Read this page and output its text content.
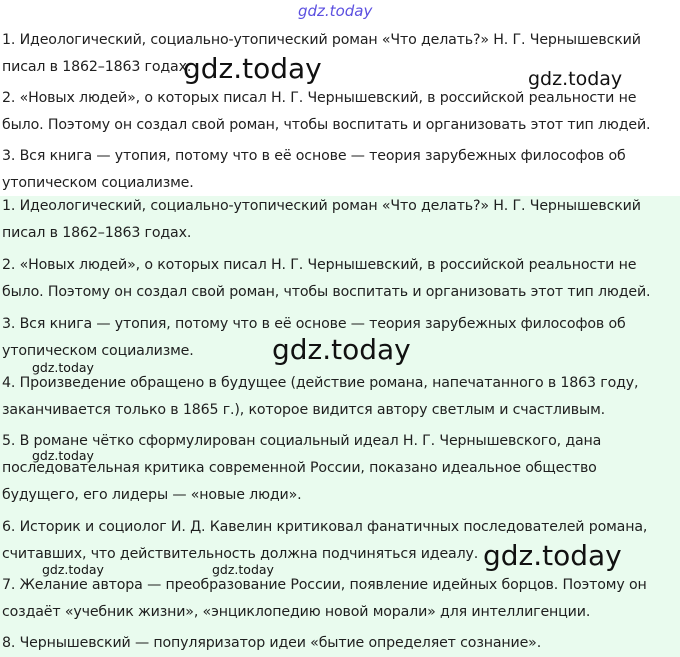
gdz.today
1. Идеологический, социально-утопический роман «Что делать?» Н. Г. Чернышевский
писал в 1862–1863 годах.
2. «Новых людей», о которых писал Н. Г. Чернышевский, в российской реальности не
было. Поэтому он создал свой роман, чтобы воспитать и организовать этот тип людей.
3. Вся книга — утопия, потому что в её основе — теория зарубежных философов об
утопическом социализме.
1. Идеологический, социально-утопический роман «Что делать?» Н. Г. Чернышевский
писал в 1862–1863 годах.
2. «Новых людей», о которых писал Н. Г. Чернышевский, в российской реальности не
было. Поэтому он создал свой роман, чтобы воспитать и организовать этот тип людей.
3. Вся книга — утопия, потому что в её основе — теория зарубежных философов об
утопическом социализме.
4. Произведение обращено в будущее (действие романа, напечатанного в 1863 году,
заканчивается только в 1865 г.), которое видится автору светлым и счастливым.
5. В романе чётко сформулирован социальный идеал Н. Г. Чернышевского, дана
последовательная критика современной России, показано идеальное общество
будущего, его лидеры — «новые люди».
6. Историк и социолог И. Д. Кавелин критиковал фанатичных последователей романа,
считавших, что действительность должна подчиняться идеалу.
7. Желание автора — преобразование России, появление идейных борцов. Поэтому он
создаёт «учебник жизни», «энциклопедию новой морали» для интеллигенции.
8. Чернышевский — популяризатор идеи «бытие определяет сознание».
gdz.today	gdz.today
gdz.today
gdz.today
gdz.today
gdz.today
gdz.today	gdz.today
